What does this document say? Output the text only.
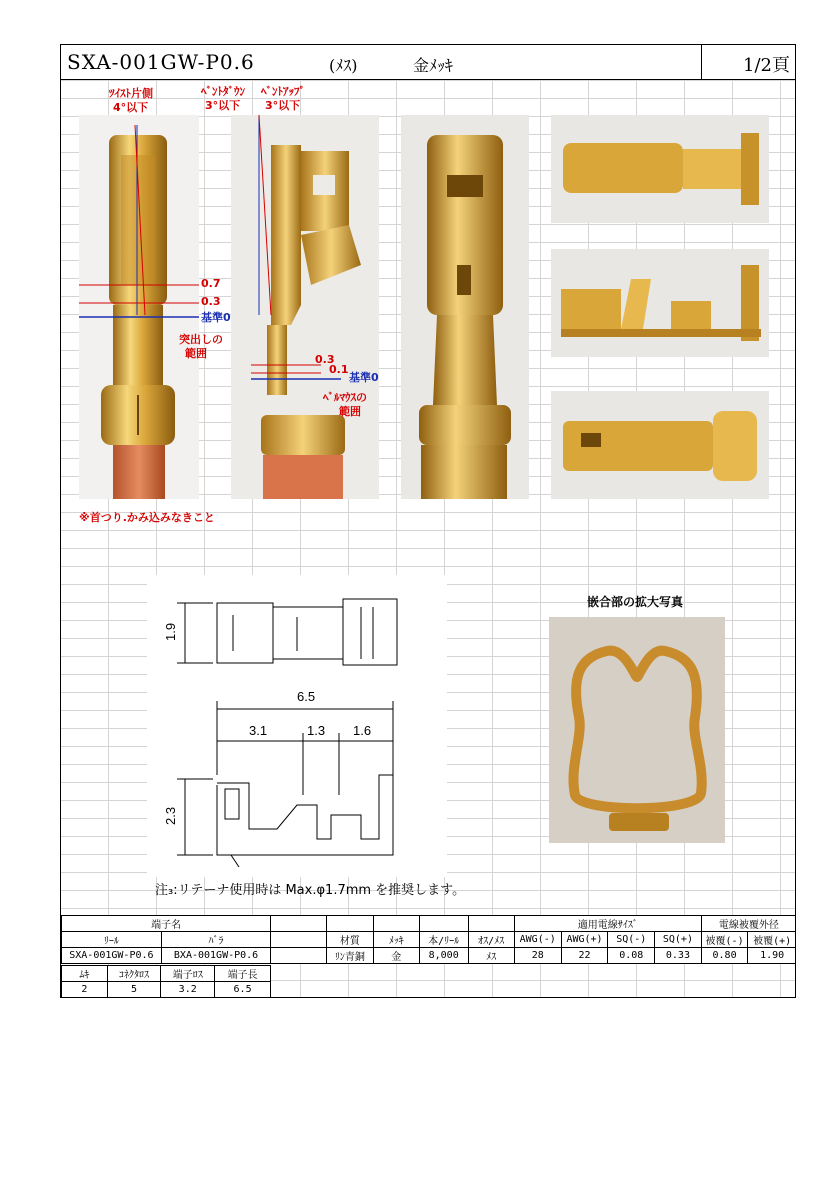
SXA-001GW-P0.6	(ﾒｽ)	金ﾒｯｷ	1/2頁
ﾂｲｽﾄ片側
4°以下
0.7
0.3
基準0
突出しの
範囲
ﾍﾞﾝﾄﾀﾞｳﾝ
3°以下
ﾍﾞﾝﾄｱｯﾌﾟ
3°以下
0.3
0.1
基準0
ﾍﾞﾙﾏｳｽの
範囲
※首つり.かみ込みなきこと
1.9
6.5
3.1	1.3 1.6
2.3
注₃:リテーナ使用時は Max.φ1.7mm を推奨します。
嵌合部の拡大写真
端子名							適用電線ｻｲｽﾞ				電線被覆外径	
ﾘｰﾙ	ﾊﾞﾗ		材質	ﾒｯｷ	本/ﾘｰﾙ	ｵｽ/ﾒｽ	AWG(-)	AWG(+)	SQ(-)	SQ(+)	被覆(-)	被覆(+)
SXA-001GW-P0.6	BXA-001GW-P0.6		ﾘﾝ青銅	金	8,000	ﾒｽ	28	22	0.08	0.33	0.80	1.90
ﾑｷ	ｺﾈｸﾀﾛｽ	端子ﾛｽ	端子長
2	5	3.2	6.5
